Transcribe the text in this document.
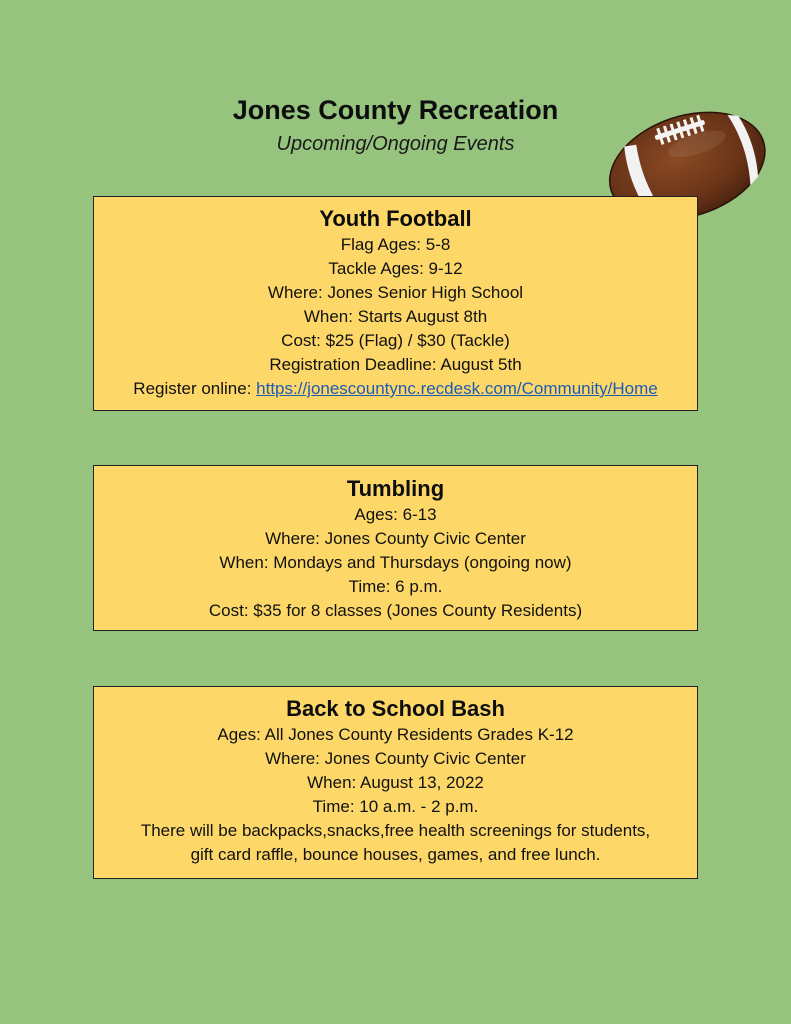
Jones County Recreation
Upcoming/Ongoing Events
Youth Football
Flag Ages: 5-8
Tackle Ages: 9-12
Where: Jones Senior High School
When: Starts August 8th
Cost: $25 (Flag) / $30 (Tackle)
Registration Deadline: August 5th
Register online: https://jonescountync.recdesk.com/Community/Home
Tumbling
Ages: 6-13
Where: Jones County Civic Center
When: Mondays and Thursdays (ongoing now)
Time: 6 p.m.
Cost: $35 for 8 classes (Jones County Residents)
Back to School Bash
Ages: All Jones County Residents Grades K-12
Where: Jones County Civic Center
When: August 13, 2022
Time: 10 a.m. - 2 p.m.
There will be backpacks,snacks,free health screenings for students,
gift card raffle, bounce houses, games, and free lunch.
